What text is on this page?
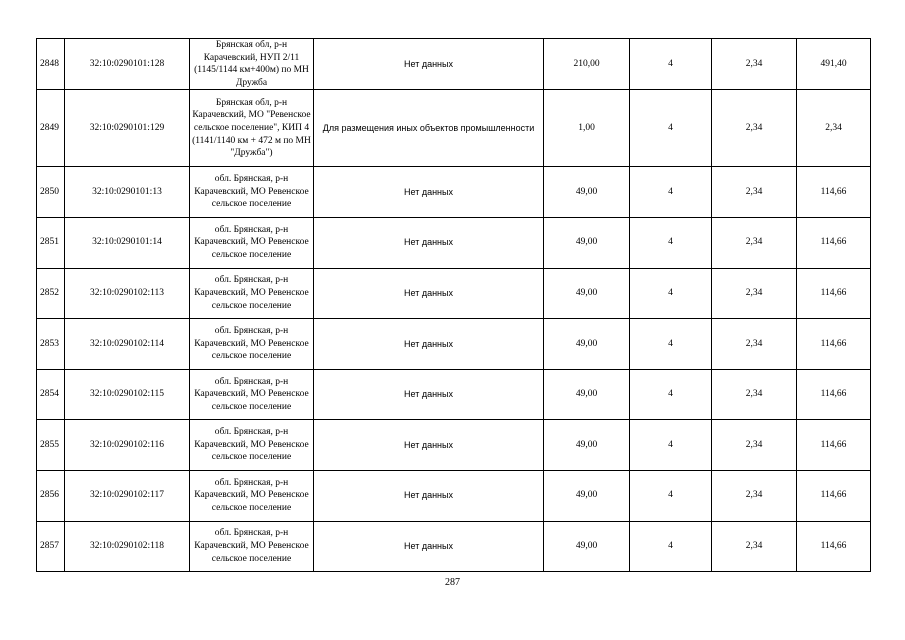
2848	32:10:0290101:128	Брянская обл, р-н Карачевский, НУП 2/11 (1145/1144 км+400м) по МН Дружба	Нет данных	210,00	4	2,34	491,40
2849	32:10:0290101:129	Брянская обл, р-н Карачевский, МО "Ревенское сельское поселение", КИП 4 (1141/1140 км + 472 м по МН "Дружба")	Для размещения иных объектов промышленности	1,00	4	2,34	2,34
2850	32:10:0290101:13	обл. Брянская, р-н Карачевский, МО Ревенское сельское поселение	Нет данных	49,00	4	2,34	114,66
2851	32:10:0290101:14	обл. Брянская, р-н Карачевский, МО Ревенское сельское поселение	Нет данных	49,00	4	2,34	114,66
2852	32:10:0290102:113	обл. Брянская, р-н Карачевский, МО Ревенское сельское поселение	Нет данных	49,00	4	2,34	114,66
2853	32:10:0290102:114	обл. Брянская, р-н Карачевский, МО Ревенское сельское поселение	Нет данных	49,00	4	2,34	114,66
2854	32:10:0290102:115	обл. Брянская, р-н Карачевский, МО Ревенское сельское поселение	Нет данных	49,00	4	2,34	114,66
2855	32:10:0290102:116	обл. Брянская, р-н Карачевский, МО Ревенское сельское поселение	Нет данных	49,00	4	2,34	114,66
2856	32:10:0290102:117	обл. Брянская, р-н Карачевский, МО Ревенское сельское поселение	Нет данных	49,00	4	2,34	114,66
2857	32:10:0290102:118	обл. Брянская, р-н Карачевский, МО Ревенское сельское поселение	Нет данных	49,00	4	2,34	114,66
287
